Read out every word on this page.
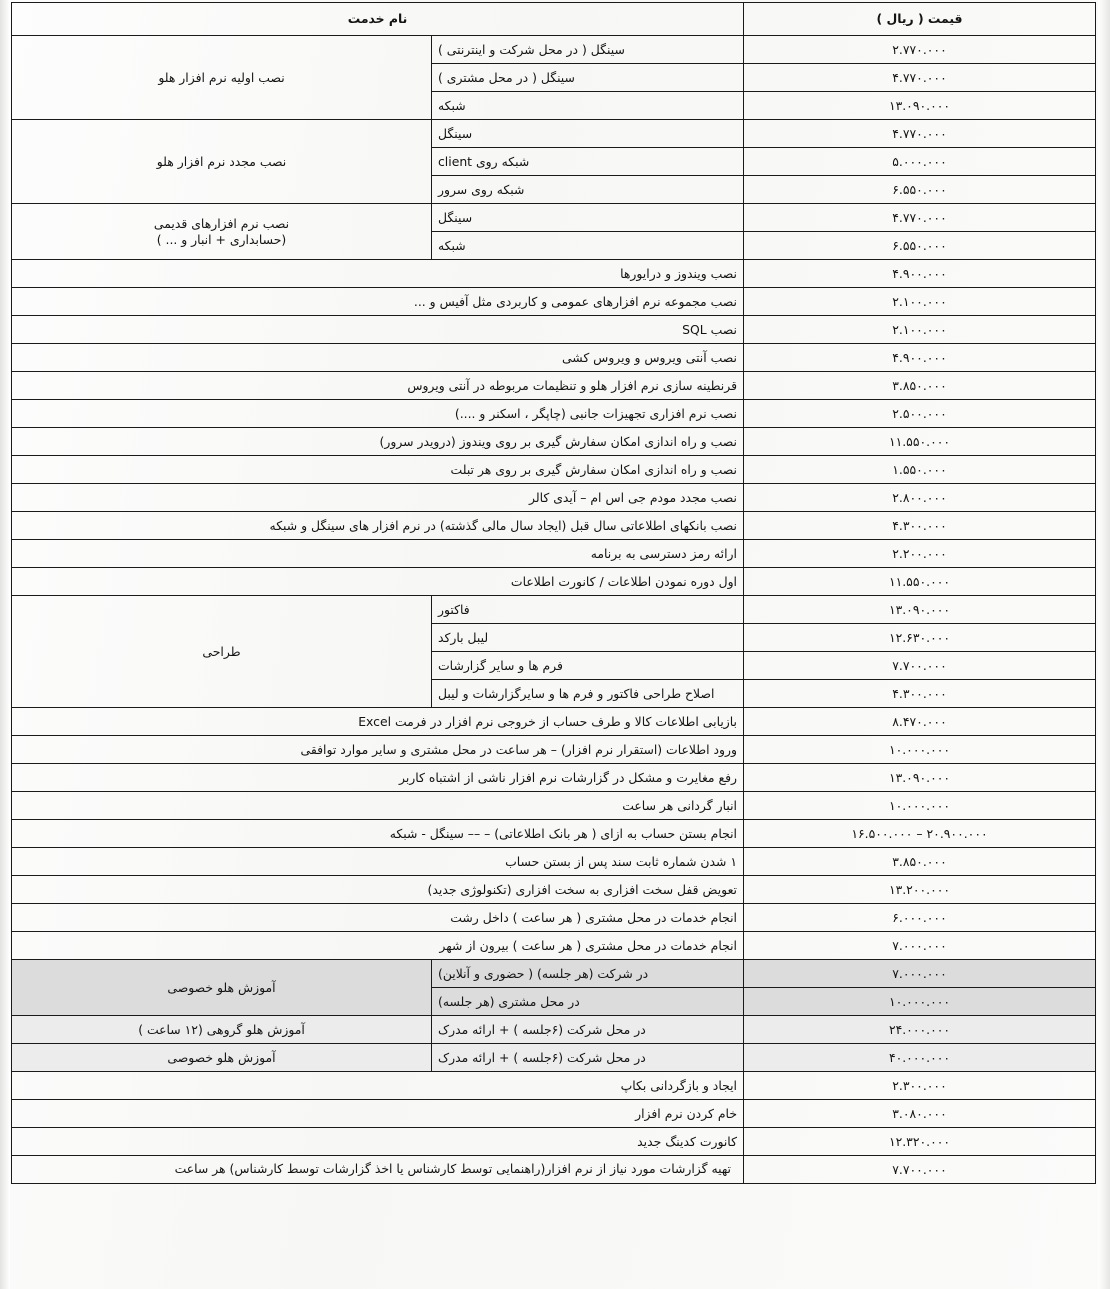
قیمت ( ریال )	نام خدمت	
۲.۷۷۰.۰۰۰	سینگل ( در محل شرکت و اینترنتی )	نصب اولیه نرم افزار هلو
۴.۷۷۰.۰۰۰	سینگل ( در محل مشتری )	
۱۳.۰۹۰.۰۰۰	شبکه	
۴.۷۷۰.۰۰۰	سینگل	نصب مجدد نرم افزار هلو
۵.۰۰۰.۰۰۰	شبکه روی client	
۶.۵۵۰.۰۰۰	شبکه روی سرور	
۴.۷۷۰.۰۰۰	سینگل	نصب نرم افزارهای قدیمی
(حسابداری + انبار و ... )

۶.۵۵۰.۰۰۰	شبکه	
۴.۹۰۰.۰۰۰	نصب ویندوز و درایورها	
۲.۱۰۰.۰۰۰	نصب مجموعه نرم افزارهای عمومی و کاربردی مثل آفیس و ...	
۲.۱۰۰.۰۰۰	نصب SQL	
۴.۹۰۰.۰۰۰	نصب آنتی ویروس و ویروس کشی	
۳.۸۵۰.۰۰۰	قرنطینه سازی نرم افزار هلو و تنظیمات مربوطه در آنتی ویروس	
۲.۵۰۰.۰۰۰	نصب نرم افزاری تجهیزات جانبی (چاپگر ، اسکنر و ....)	
۱۱.۵۵۰.۰۰۰	نصب و راه اندازی امکان سفارش گیری بر روی ویندوز (درویدر سرور)	
۱.۵۵۰.۰۰۰	نصب و راه اندازی امکان سفارش گیری بر روی هر تبلت	
۲.۸۰۰.۰۰۰	نصب مجدد مودم جی اس ام – آیدی کالر	
۴.۳۰۰.۰۰۰	نصب بانکهای اطلاعاتی سال قبل (ایجاد سال مالی گذشته) در نرم افزار های سینگل و شبکه	
۲.۲۰۰.۰۰۰	ارائه رمز دسترسی به برنامه	
۱۱.۵۵۰.۰۰۰	اول دوره نمودن اطلاعات / کانورت اطلاعات	
۱۳.۰۹۰.۰۰۰	فاکتور	طراحی
۱۲.۶۳۰.۰۰۰	لیبل بارکد	
۷.۷۰۰.۰۰۰	فرم ها و سایر گزارشات	
۴.۳۰۰.۰۰۰	اصلاح طراحی فاکتور و فرم ها و سایرگزارشات و لیبل	
۸.۴۷۰.۰۰۰	بازیابی اطلاعات کالا و طرف حساب از خروجی نرم افزار در فرمت Excel	
۱۰.۰۰۰.۰۰۰	ورود اطلاعات (استقرار نرم افزار) – هر ساعت در محل مشتری و سایر موارد توافقی	
۱۳.۰۹۰.۰۰۰	رفع مغایرت و مشکل در گزارشات نرم افزار ناشی از اشتباه کاربر	
۱۰.۰۰۰.۰۰۰	انبار گردانی هر ساعت	
۲۰.۹۰۰.۰۰۰ – ۱۶.۵۰۰.۰۰۰	انجام بستن حساب به ازای ( هر بانک اطلاعاتی) – –– سینگل - شبکه	
۳.۸۵۰.۰۰۰	۱ شدن شماره ثابت سند پس از بستن حساب	
۱۳.۲۰۰.۰۰۰	تعویض قفل سخت افزاری به سخت افزاری (تکنولوژی جدید)	
۶.۰۰۰.۰۰۰	انجام خدمات در محل مشتری ( هر ساعت ) داخل رشت	
۷.۰۰۰.۰۰۰	انجام خدمات در محل مشتری ( هر ساعت ) بیرون از شهر	
۷.۰۰۰.۰۰۰	در شرکت (هر جلسه) ( حضوری و آنلاین)	آموزش هلو خصوصی
۱۰.۰۰۰.۰۰۰	در محل مشتری (هر جلسه)	
۲۴.۰۰۰.۰۰۰	در محل شرکت (۶جلسه ) + ارائه مدرک	آموزش هلو گروهی (۱۲ ساعت )
۴۰.۰۰۰.۰۰۰	در محل شرکت (۶جلسه ) + ارائه مدرک	آموزش هلو خصوصی
۲.۳۰۰.۰۰۰	ایجاد و بازگردانی بکاپ	
۳.۰۸۰.۰۰۰	خام کردن نرم افزار	
۱۲.۳۲۰.۰۰۰	کانورت کدینگ جدید	
۷.۷۰۰.۰۰۰	تهیه گزارشات مورد نیاز از نرم افزار(راهنمایی توسط کارشناس یا اخذ گزارشات توسط کارشناس) هر ساعت	
